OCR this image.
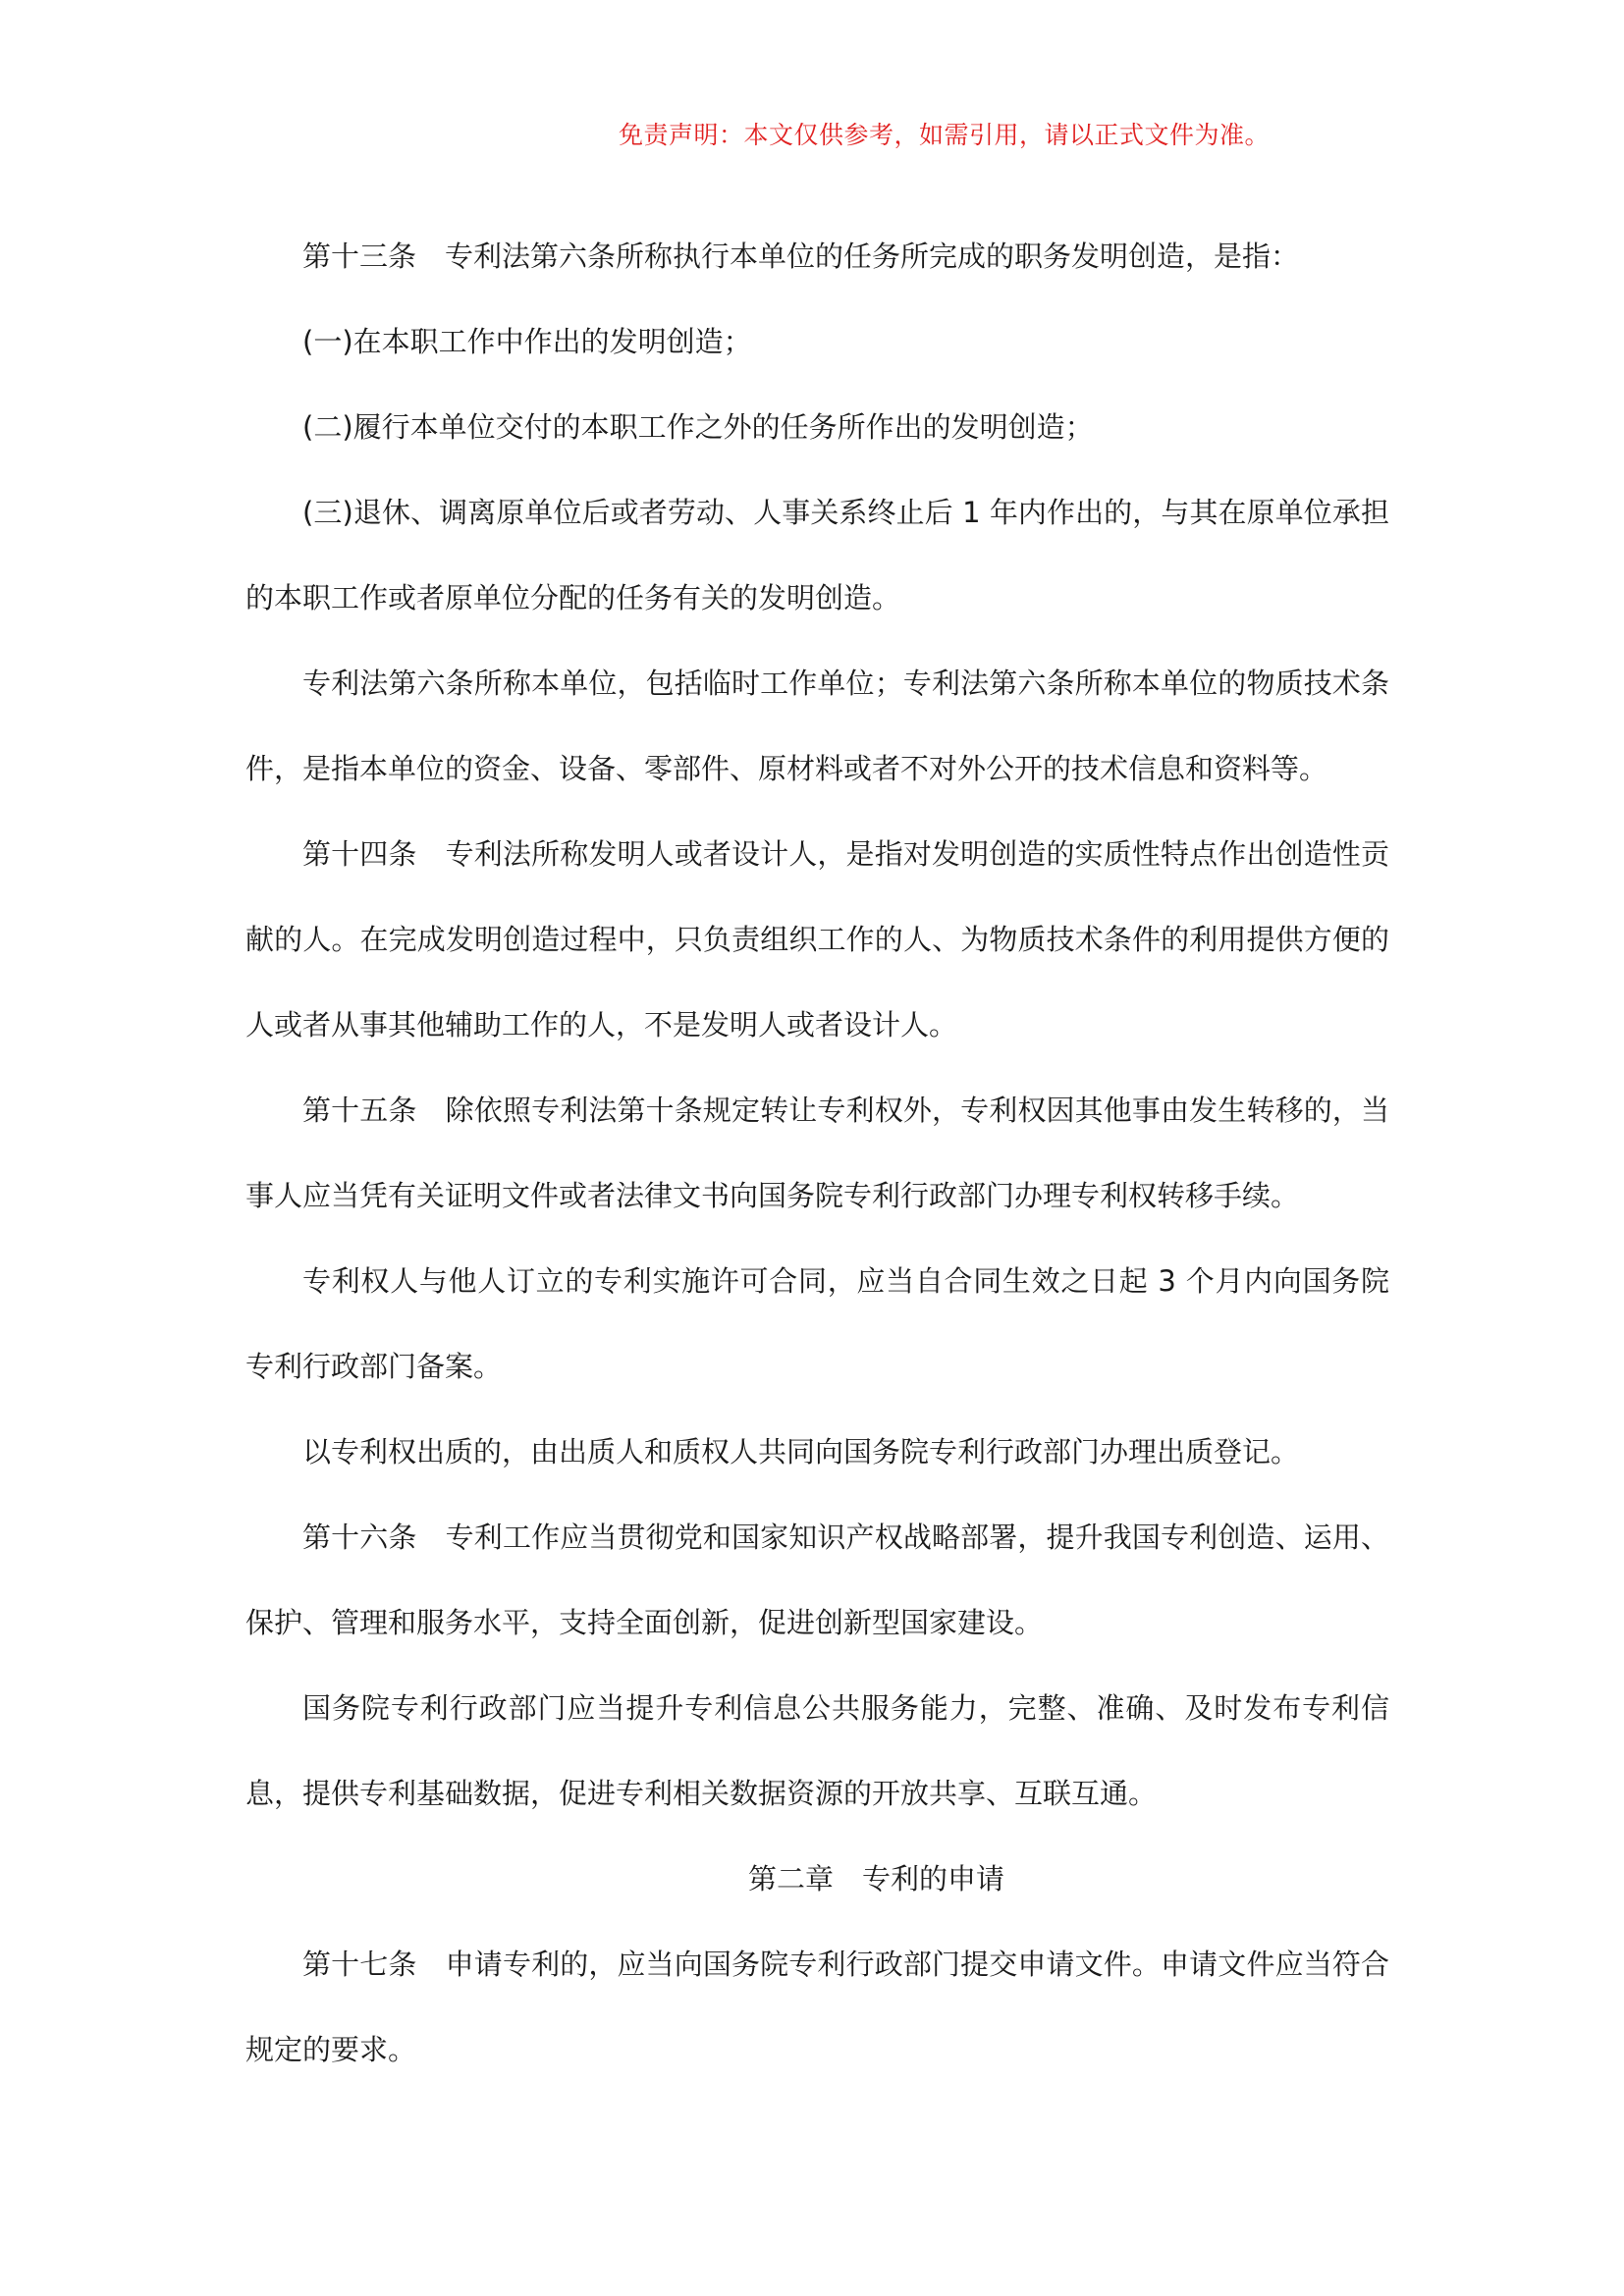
免责声明：本文仅供参考，如需引用，请以正式文件为准。

第十三条　专利法第六条所称执行本单位的任务所完成的职务发明创造，是指：

(一)在本职工作中作出的发明创造；

(二)履行本单位交付的本职工作之外的任务所作出的发明创造；

(三)退休、调离原单位后或者劳动、人事关系终止后 1 年内作出的，与其在原单位承担的本职工作或者原单位分配的任务有关的发明创造。

专利法第六条所称本单位，包括临时工作单位；专利法第六条所称本单位的物质技术条件，是指本单位的资金、设备、零部件、原材料或者不对外公开的技术信息和资料等。

第十四条　专利法所称发明人或者设计人，是指对发明创造的实质性特点作出创造性贡献的人。在完成发明创造过程中，只负责组织工作的人、为物质技术条件的利用提供方便的人或者从事其他辅助工作的人，不是发明人或者设计人。

第十五条　除依照专利法第十条规定转让专利权外，专利权因其他事由发生转移的，当事人应当凭有关证明文件或者法律文书向国务院专利行政部门办理专利权转移手续。

专利权人与他人订立的专利实施许可合同，应当自合同生效之日起 3 个月内向国务院专利行政部门备案。

以专利权出质的，由出质人和质权人共同向国务院专利行政部门办理出质登记。

第十六条　专利工作应当贯彻党和国家知识产权战略部署，提升我国专利创造、运用、保护、管理和服务水平，支持全面创新，促进创新型国家建设。

国务院专利行政部门应当提升专利信息公共服务能力，完整、准确、及时发布专利信息，提供专利基础数据，促进专利相关数据资源的开放共享、互联互通。

第二章　专利的申请

第十七条　申请专利的，应当向国务院专利行政部门提交申请文件。申请文件应当符合规定的要求。
